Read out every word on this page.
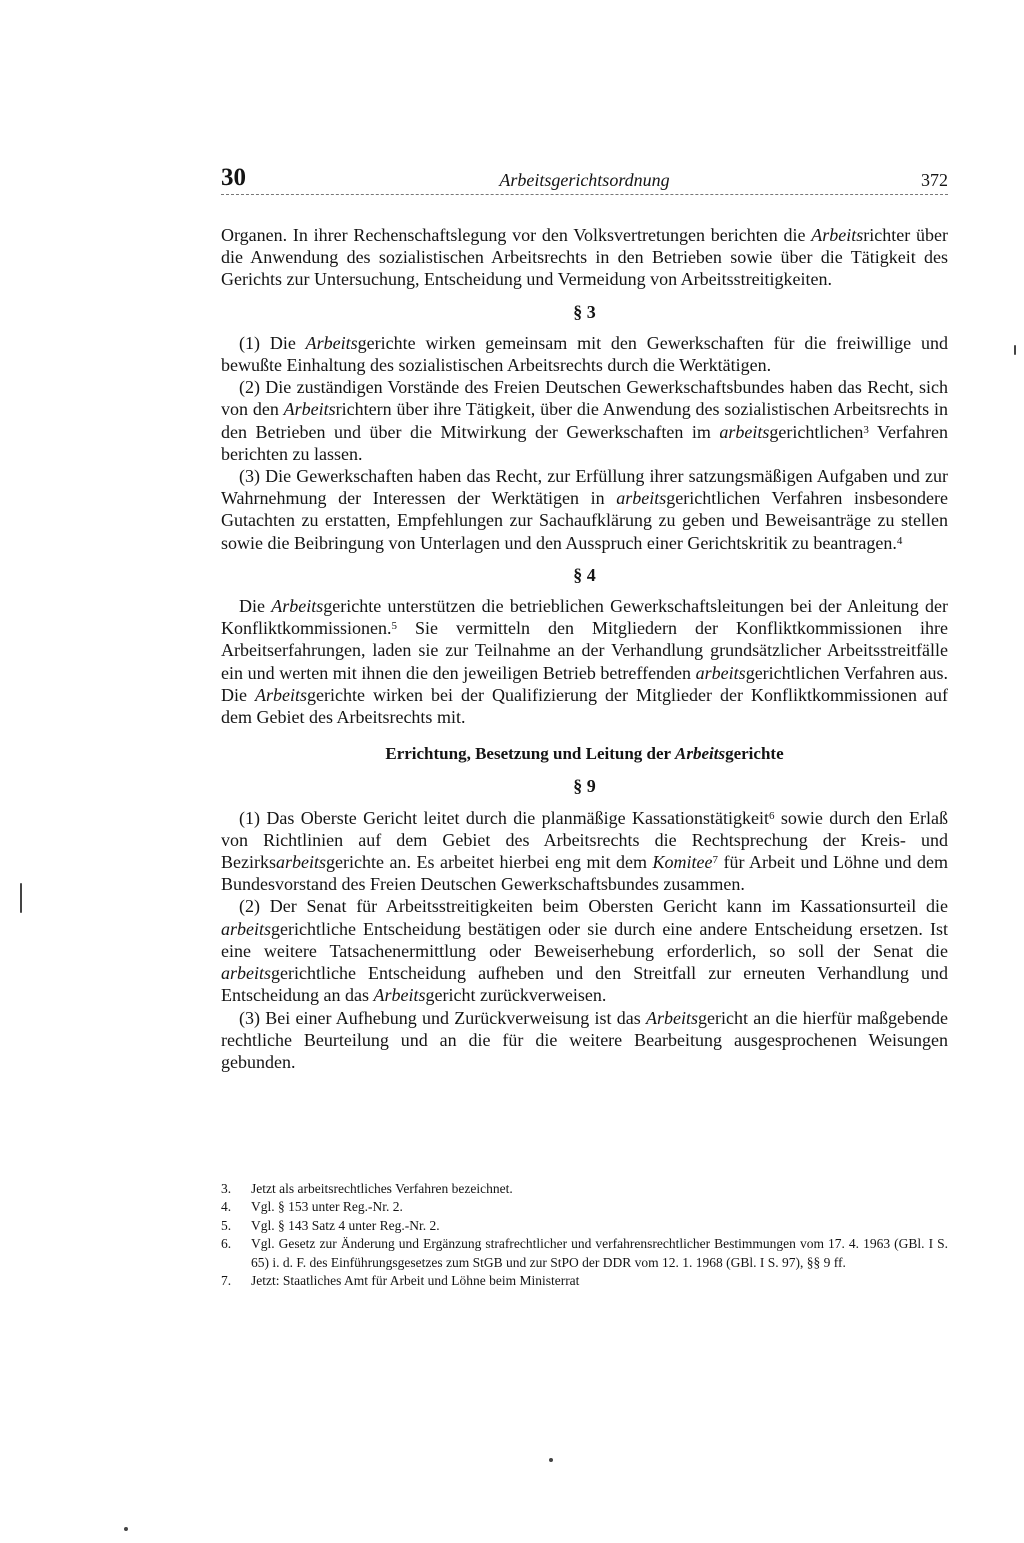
30	Arbeitsgerichtsordnung	372

Organen. In ihrer Rechenschaftslegung vor den Volksvertretungen berichten die Arbeitsrichter über die Anwendung des sozialistischen Arbeitsrechts in den Betrieben sowie über die Tätigkeit des Gerichts zur Untersuchung, Entscheidung und Vermeidung von Arbeitsstreitigkeiten.

§ 3

(1) Die Arbeitsgerichte wirken gemeinsam mit den Gewerkschaften für die freiwillige und bewußte Einhaltung des sozialistischen Arbeitsrechts durch die Werktätigen.

(2) Die zuständigen Vorstände des Freien Deutschen Gewerkschaftsbundes haben das Recht, sich von den Arbeitsrichtern über ihre Tätigkeit, über die Anwendung des sozialistischen Arbeitsrechts in den Betrieben und über die Mitwirkung der Gewerkschaften im arbeitsgerichtlichen$^3$ Verfahren berichten zu lassen.

(3) Die Gewerkschaften haben das Recht, zur Erfüllung ihrer satzungsmäßigen Aufgaben und zur Wahrnehmung der Interessen der Werktätigen in arbeitsgerichtlichen Verfahren insbesondere Gutachten zu erstatten, Empfehlungen zur Sachaufklärung zu geben und Beweisanträge zu stellen sowie die Beibringung von Unterlagen und den Ausspruch einer Gerichtskritik zu beantragen.$^4$

§ 4

Die Arbeitsgerichte unterstützen die betrieblichen Gewerkschaftsleitungen bei der Anleitung der Konfliktkommissionen.$^5$ Sie vermitteln den Mitgliedern der Konfliktkommissionen ihre Arbeitserfahrungen, laden sie zur Teilnahme an der Verhandlung grundsätzlicher Arbeitsstreitfälle ein und werten mit ihnen die den jeweiligen Betrieb betreffenden arbeitsgerichtlichen Verfahren aus. Die Arbeitsgerichte wirken bei der Qualifizierung der Mitglieder der Konfliktkommissionen auf dem Gebiet des Arbeitsrechts mit.

Errichtung, Besetzung und Leitung der Arbeitsgerichte
§ 9

(1) Das Oberste Gericht leitet durch die planmäßige Kassationstätigkeit$^6$ sowie durch den Erlaß von Richtlinien auf dem Gebiet des Arbeitsrechts die Rechtsprechung der Kreis- und Bezirksarbeitsgerichte an. Es arbeitet hierbei eng mit dem Komitee$^7$ für Arbeit und Löhne und dem Bundesvorstand des Freien Deutschen Gewerkschaftsbundes zusammen.

(2) Der Senat für Arbeitsstreitigkeiten beim Obersten Gericht kann im Kassationsurteil die arbeitsgerichtliche Entscheidung bestätigen oder sie durch eine andere Entscheidung ersetzen. Ist eine weitere Tatsachenermittlung oder Beweiserhebung erforderlich, so soll der Senat die arbeitsgerichtliche Entscheidung aufheben und den Streitfall zur erneuten Verhandlung und Entscheidung an das Arbeitsgericht zurückverweisen.

(3) Bei einer Aufhebung und Zurückverweisung ist das Arbeitsgericht an die hierfür maßgebende rechtliche Beurteilung und an die für die weitere Bearbeitung ausgesprochenen Weisungen gebunden.

3.	Jetzt als arbeitsrechtliches Verfahren bezeichnet.
4.	Vgl. § 153 unter Reg.-Nr. 2.
5.	Vgl. § 143 Satz 4 unter Reg.-Nr. 2.
6.	Vgl. Gesetz zur Änderung und Ergänzung strafrechtlicher und verfahrensrechtlicher Bestimmungen vom 17. 4. 1963 (GBl. I S. 65) i. d. F. des Einführungsgesetzes zum StGB und zur StPO der DDR vom 12. 1. 1968 (GBl. I S. 97), §§ 9 ff.
7.	Jetzt: Staatliches Amt für Arbeit und Löhne beim Ministerrat
